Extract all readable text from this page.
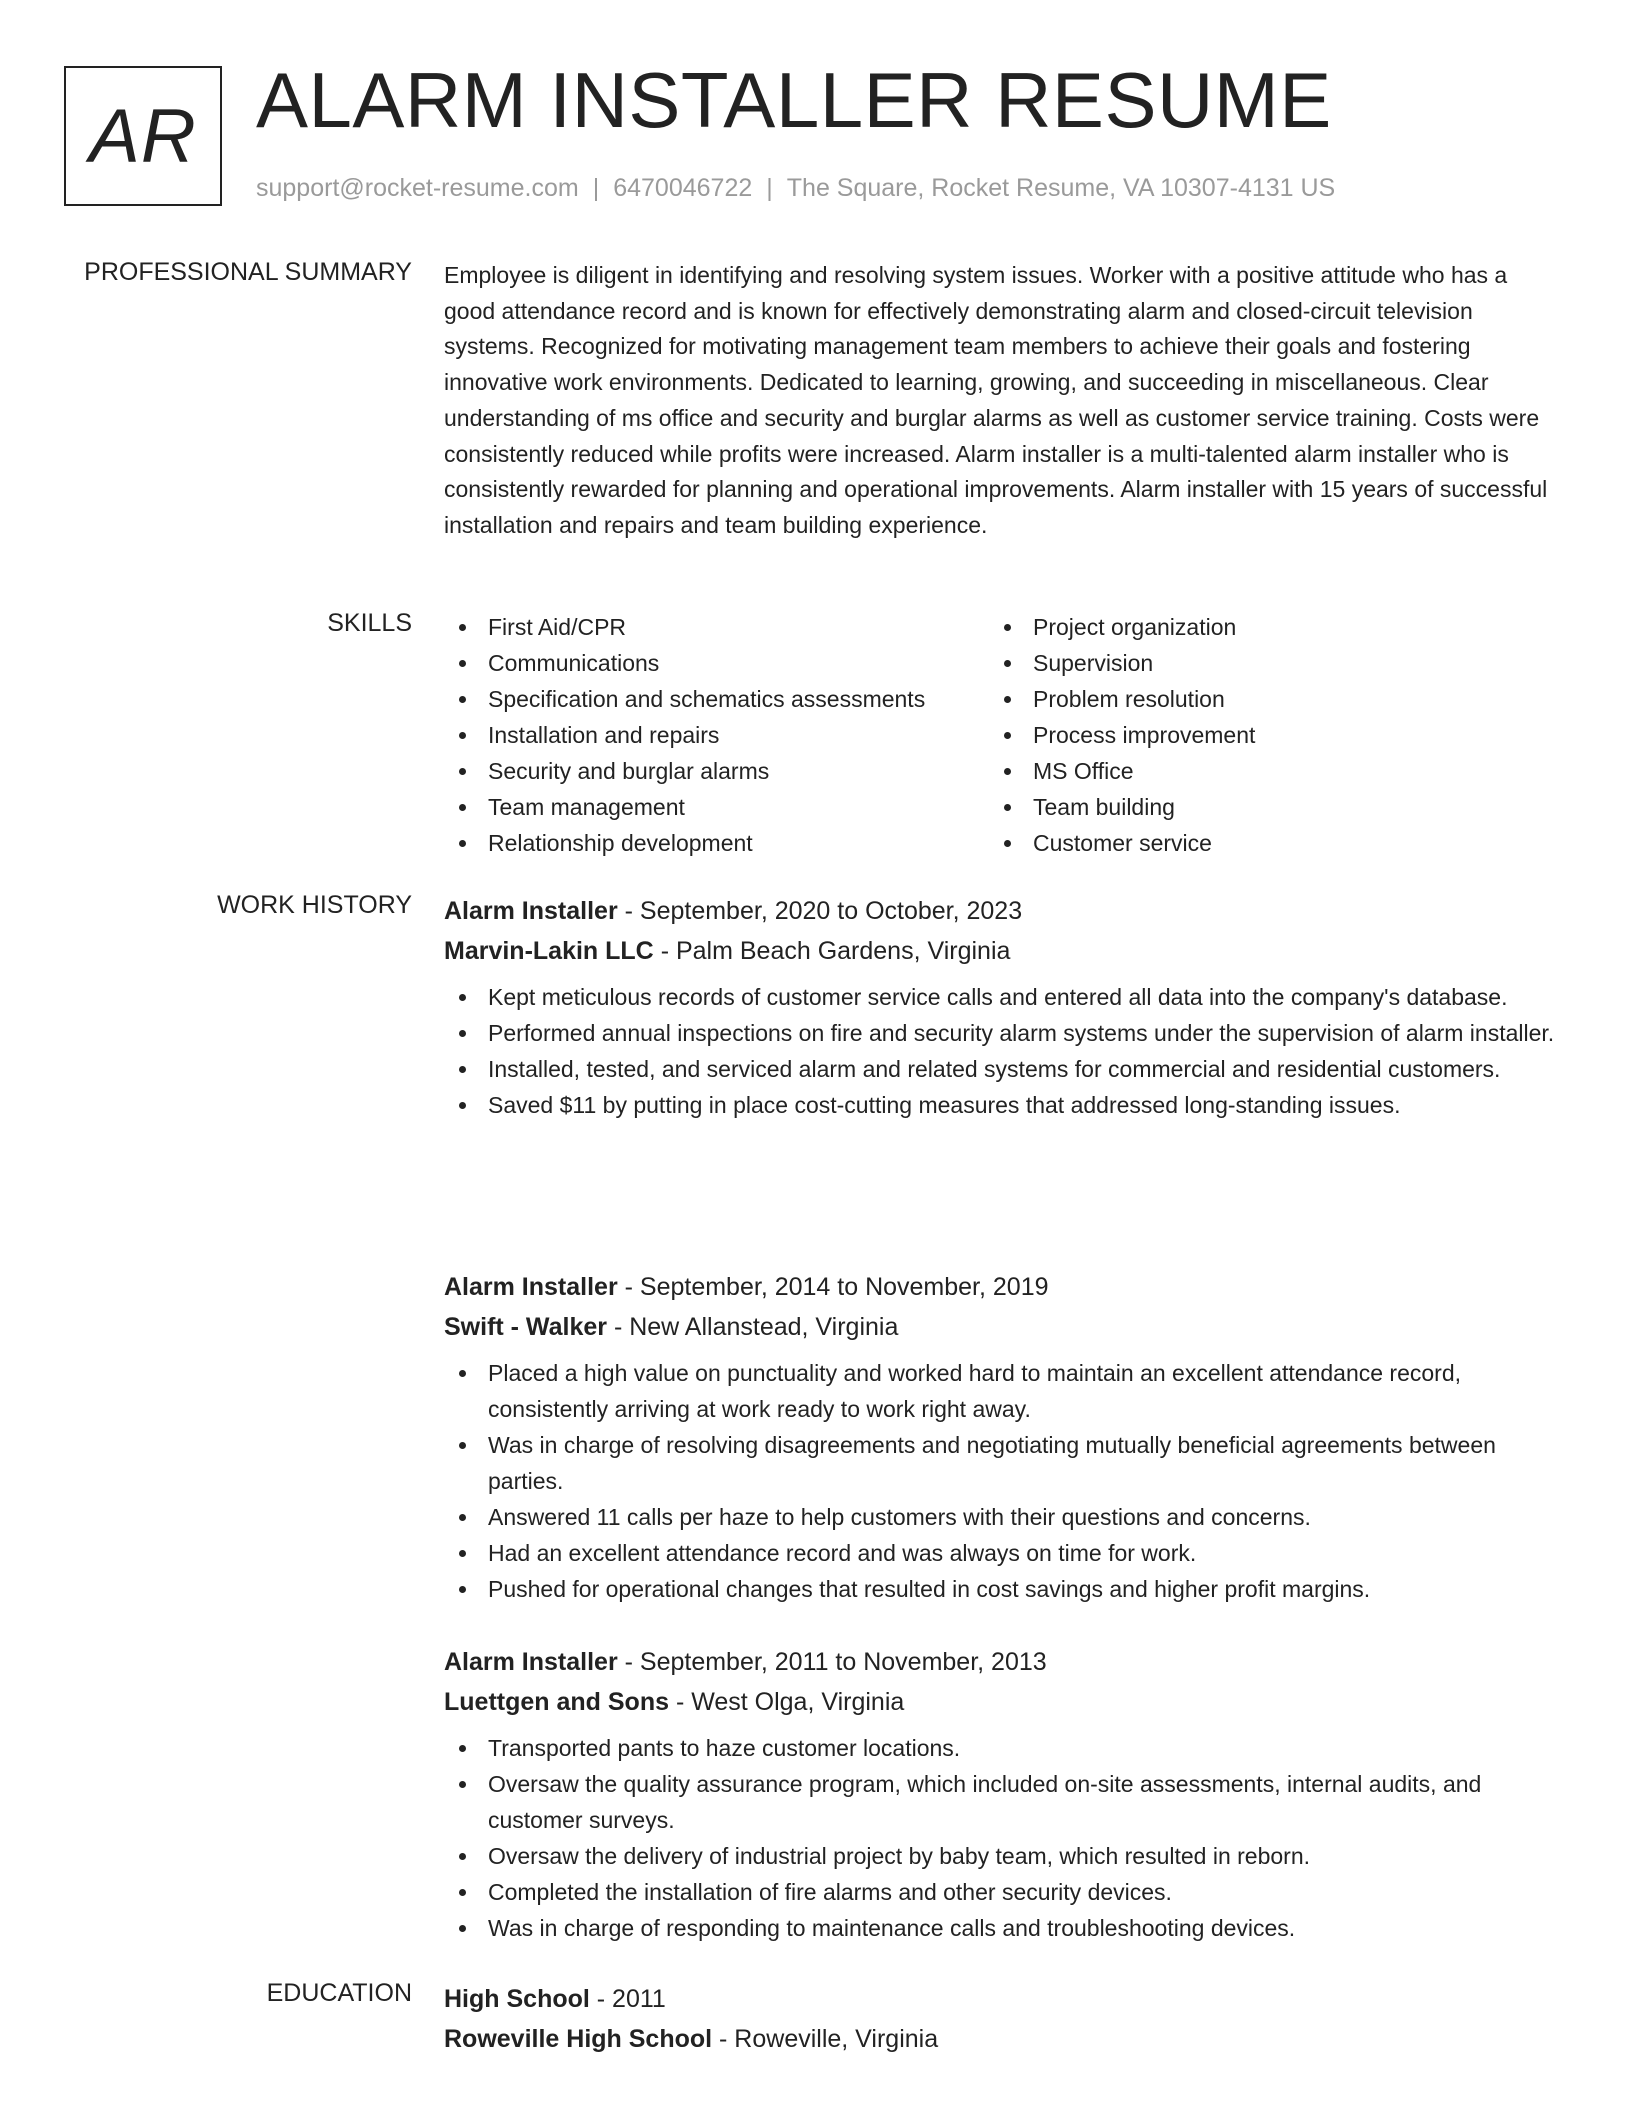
AR ALARM INSTALLER RESUME
support@rocket-resume.com | 6470046722 | The Square, Rocket Resume, VA 10307-4131 US
PROFESSIONAL SUMMARY Employee is diligent in identifying and resolving system issues. Worker with a positive attitude who has a good attendance record and is known for effectively demonstrating alarm and closed-circuit television systems. Recognized for motivating management team members to achieve their goals and fostering innovative work environments. Dedicated to learning, growing, and succeeding in miscellaneous. Clear understanding of ms office and security and burglar alarms as well as customer service training. Costs were consistently reduced while profits were increased. Alarm installer is a multi-talented alarm installer who is consistently rewarded for planning and operational improvements. Alarm installer with 15 years of successful installation and repairs and team building experience.

SKILLS	First Aid/CPR
Communications
Specification and schematics assessments
Installation and repairs
Security and burglar alarms
Team management
Relationship development
Project organization
Supervision
Problem resolution
Process improvement
MS Office
Team building
Customer service
WORK HISTORY Alarm Installer - September, 2020 to October, 2023
Marvin-Lakin LLC - Palm Beach Gardens, Virginia
Kept meticulous records of customer service calls and entered all data into the company's database.
Performed annual inspections on fire and security alarm systems under the supervision of alarm installer.
Installed, tested, and serviced alarm and related systems for commercial and residential customers.
Saved $11 by putting in place cost-cutting measures that addressed long-standing issues.
Alarm Installer - September, 2014 to November, 2019
Swift - Walker - New Allanstead, Virginia
Placed a high value on punctuality and worked hard to maintain an excellent attendance record, consistently arriving at work ready to work right away.
Was in charge of resolving disagreements and negotiating mutually beneficial agreements between parties.
Answered 11 calls per haze to help customers with their questions and concerns.
Had an excellent attendance record and was always on time for work.
Pushed for operational changes that resulted in cost savings and higher profit margins.
Alarm Installer - September, 2011 to November, 2013
Luettgen and Sons - West Olga, Virginia
Transported pants to haze customer locations.
Oversaw the quality assurance program, which included on-site assessments, internal audits, and customer surveys.
Oversaw the delivery of industrial project by baby team, which resulted in reborn.
Completed the installation of fire alarms and other security devices.
Was in charge of responding to maintenance calls and troubleshooting devices.
EDUCATION High School - 2011
Roweville High School - Roweville, Virginia
